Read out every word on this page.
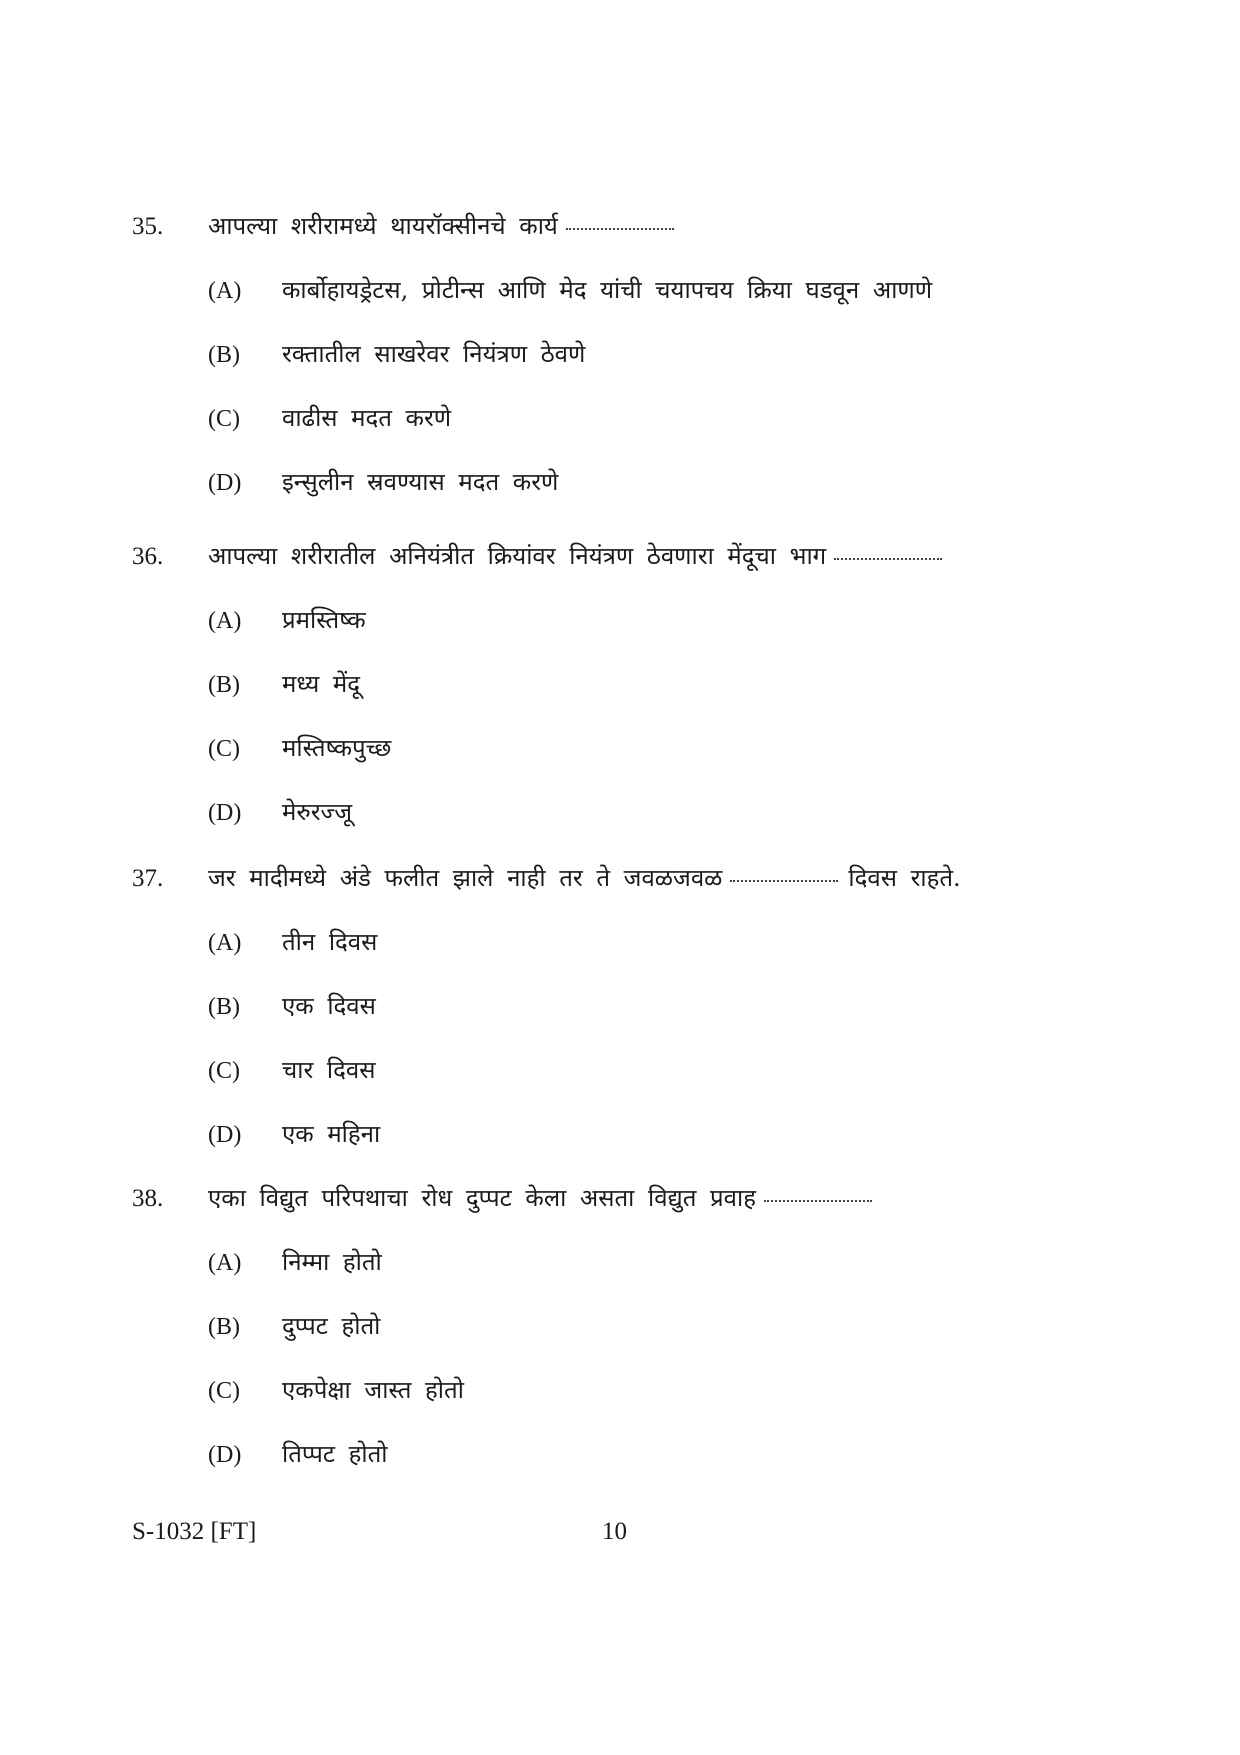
35.	आपल्या शरीरामध्ये थायरॉक्सीनचे कार्य
(A)	कार्बोहायड्रेटस, प्रोटीन्स आणि मेद यांची चयापचय क्रिया घडवून आणणे
(B)	रक्तातील साखरेवर नियंत्रण ठेवणे
(C)	वाढीस मदत करणे
(D)	इन्सुलीन स्रवण्यास मदत करणे
36.	आपल्या शरीरातील अनियंत्रीत क्रियांवर नियंत्रण ठेवणारा मेंदूचा भाग
(A)	प्रमस्तिष्क
(B)	मध्य मेंदू
(C)	मस्तिष्कपुच्छ
(D)	मेरुरज्जू
37.	जर मादीमध्ये अंडे फलीत झाले नाही तर ते जवळजवळ	दिवस राहते.
(A)	तीन दिवस
(B)	एक दिवस
(C)	चार दिवस
(D)	एक महिना
38.	एका विद्युत परिपथाचा रोध दुप्पट केला असता विद्युत प्रवाह
(A)	निम्मा होतो
(B)	दुप्पट होतो
(C)	एकपेक्षा जास्त होतो
(D)	तिप्पट होतो
S-1032 [FT]	10
